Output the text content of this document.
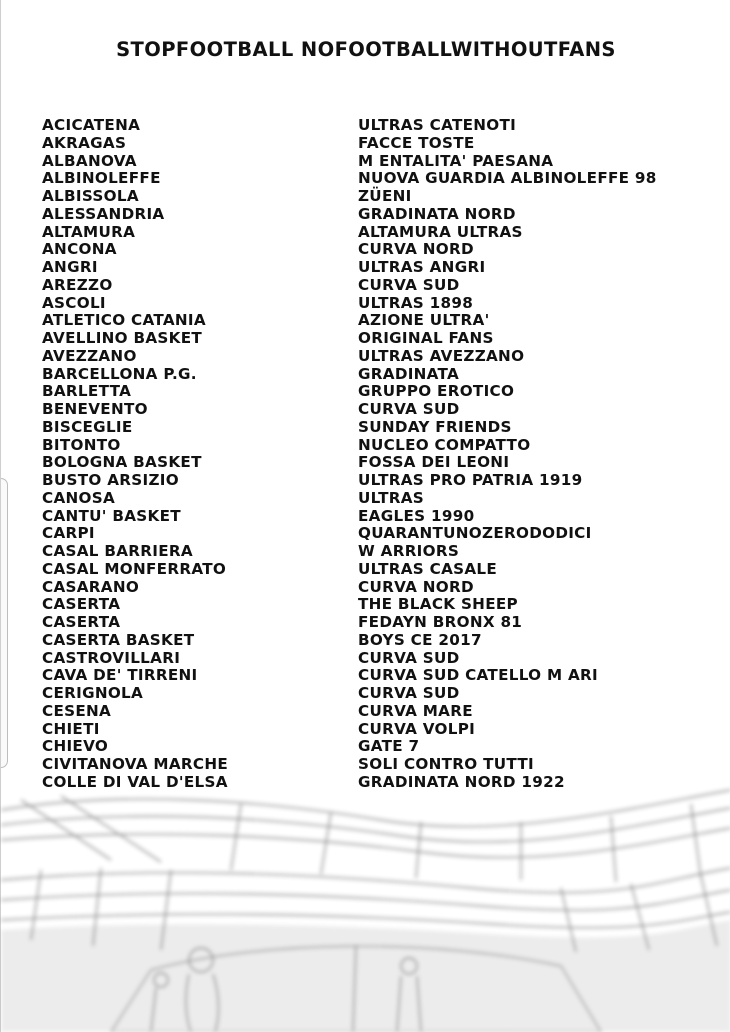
STOPFOOTBALL NOFOOTBALLWITHOUTFANS
ACICATENA
AKRAGAS
ALBANOVA
ALBINOLEFFE
ALBISSOLA
ALESSANDRIA
ALTAMURA
ANCONA
ANGRI
AREZZO
ASCOLI
ATLETICO CATANIA
AVELLINO BASKET
AVEZZANO
BARCELLONA P.G.
BARLETTA
BENEVENTO
BISCEGLIE
BITONTO
BOLOGNA BASKET
BUSTO ARSIZIO
CANOSA
CANTU' BASKET
CARPI
CASAL BARRIERA
CASAL MONFERRATO
CASARANO
CASERTA
CASERTA
CASERTA BASKET
CASTROVILLARI
CAVA DE' TIRRENI
CERIGNOLA
CESENA
CHIETI
CHIEVO
CIVITANOVA MARCHE
COLLE DI VAL D'ELSA
ULTRAS CATENOTI
FACCE TOSTE
M ENTALITA' PAESANA
NUOVA GUARDIA ALBINOLEFFE 98
ZÜENI
GRADINATA NORD
ALTAMURA ULTRAS
CURVA NORD
ULTRAS ANGRI
CURVA SUD
ULTRAS 1898
AZIONE ULTRA'
ORIGINAL FANS
ULTRAS AVEZZANO
GRADINATA
GRUPPO EROTICO
CURVA SUD
SUNDAY FRIENDS
NUCLEO COMPATTO
FOSSA DEI LEONI
ULTRAS PRO PATRIA 1919
ULTRAS
EAGLES 1990
QUARANTUNOZERODODICI
W ARRIORS
ULTRAS CASALE
CURVA NORD
THE BLACK SHEEP
FEDAYN BRONX 81
BOYS CE 2017
CURVA SUD
CURVA SUD CATELLO M ARI
CURVA SUD
CURVA MARE
CURVA VOLPI
GATE 7
SOLI CONTRO TUTTI
GRADINATA NORD 1922
